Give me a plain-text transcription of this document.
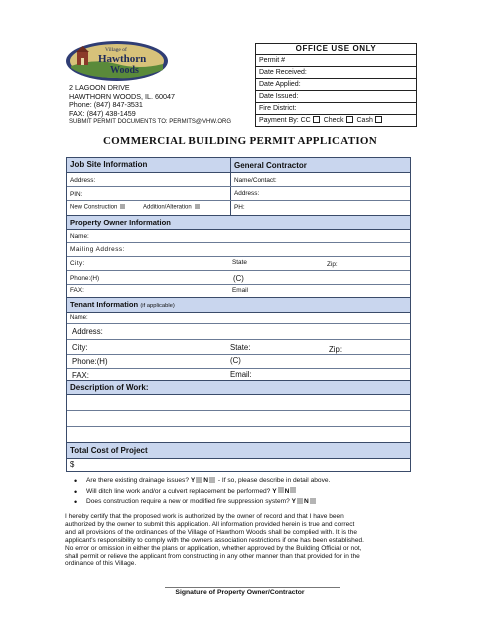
Village of
Hawthorn
Woods
2 LAGOON DRIVE
HAWTHORN WOODS, IL. 60047
Phone: (847) 847-3531
FAX: (847) 438-1459
SUBMIT PERMIT DOCUMENTS TO: PERMITS@VHW.ORG
OFFICE USE ONLY
Permit #
Date Received:
Date Applied:
Date Issued:
Fire District:
Payment By: CC Check Cash
COMMERCIAL BUILDING PERMIT APPLICATION
Job Site Information	General Contractor
Address:	Name/Contact:
PIN:	Address:
New Construction	Addition/Alteration	PH:
Property Owner Information
Name:
Mailing Address:
City:	State	Zip:
Phone:(H)	(C)
FAX:	Email
Tenant Information (if applicable)
Name:
Address:
City:	State:	Zip:
Phone:(H)	(C)
FAX:	Email:
Description of Work:
Total Cost of Project
$
• Are there existing drainage issues? Y N - If so, please describe in detail above.
• Will ditch line work and/or a culvert replacement be performed? Y N
• Does construction require a new or modified fire suppression system? Y N
I hereby certify that the proposed work is authorized by the owner of record and that I have been
authorized by the owner to submit this application. All information provided herein is true and correct
and all provisions of the ordinances of the Village of Hawthorn Woods shall be complied with. It is the
applicant's responsibility to comply with the owners association restrictions if one has been established.
No error or omission in either the plans or application, whether approved by the Building Official or not,
shall permit or relieve the applicant from constructing in any other manner than that provided for in the
ordinance of this Village.
Signature of Property Owner/Contractor
